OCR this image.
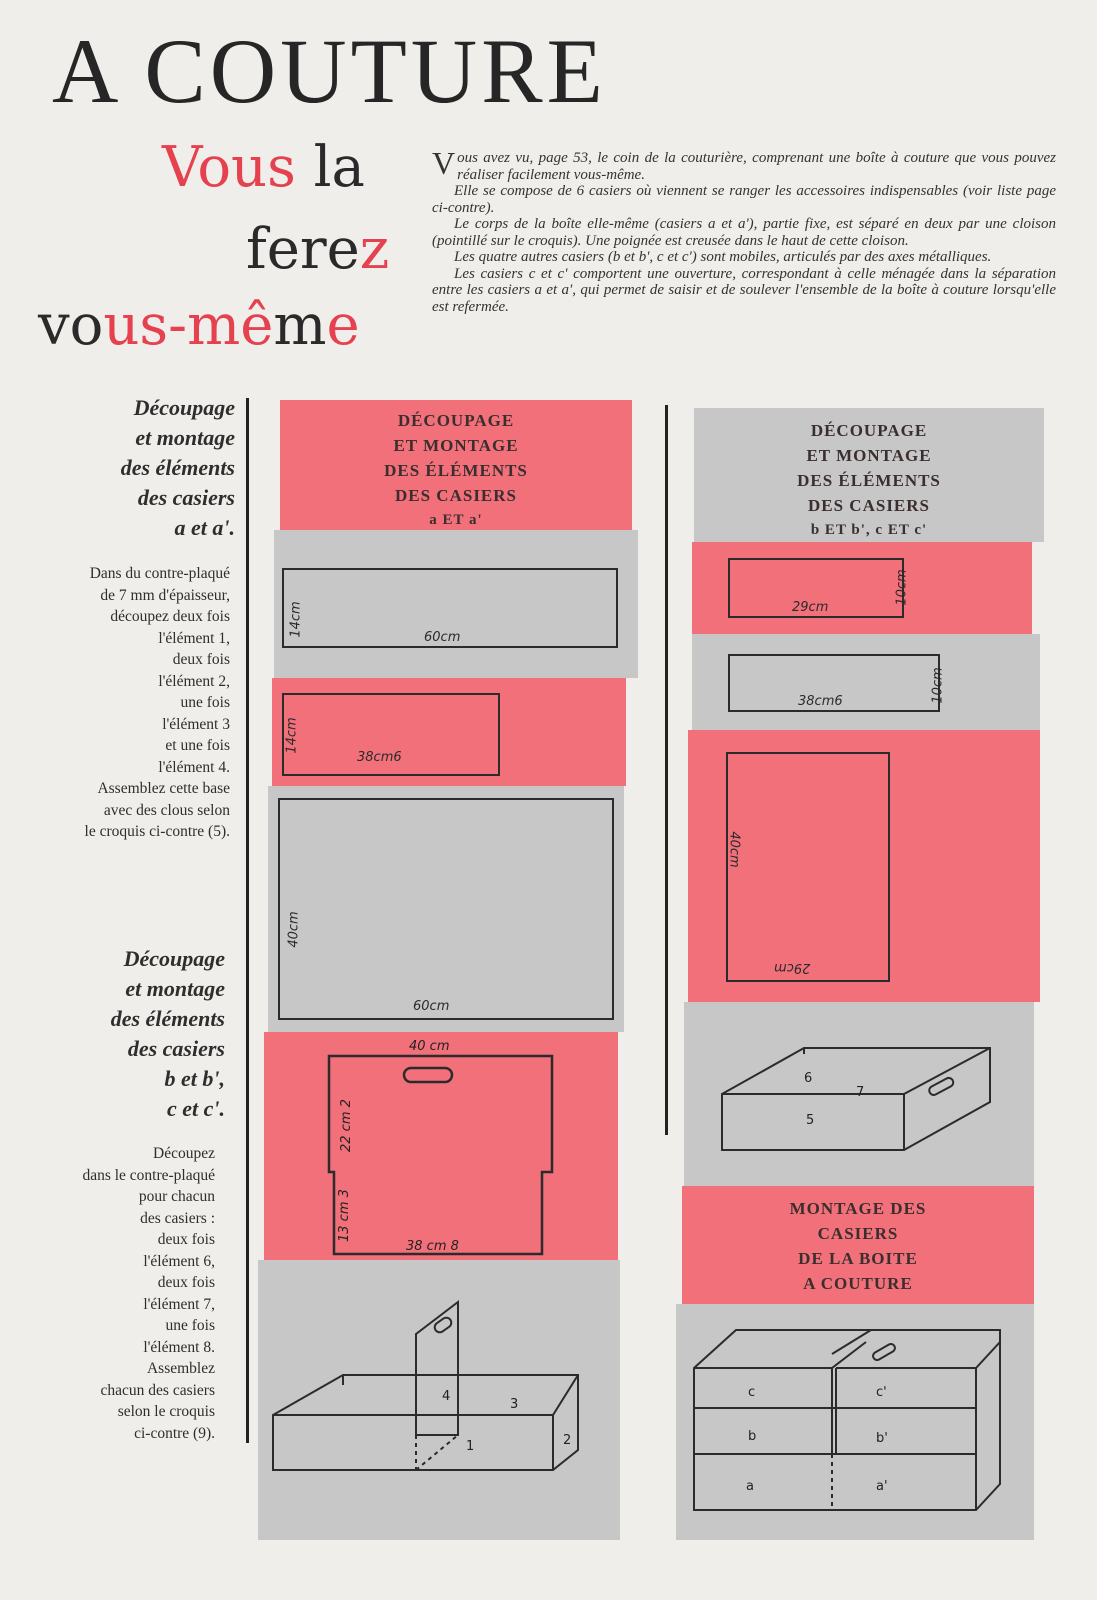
A COUTURE
Vous la
ferez
vous-même

Vous avez vu, page 53, le coin de la couturière, comprenant une boîte à couture que vous pouvez réaliser facilement vous-même.

Elle se compose de 6 casiers où viennent se ranger les accessoires indispensables (voir liste page ci-contre).

Le corps de la boîte elle-même (casiers a et a'), partie fixe, est séparé en deux par une cloison (pointillé sur le croquis). Une poignée est creusée dans le haut de cette cloison.

Les quatre autres casiers (b et b', c et c') sont mobiles, articulés par des axes métalliques.

Les casiers c et c' comportent une ouverture, correspondant à celle ménagée dans la séparation entre les casiers a et a', qui permet de saisir et de soulever l'ensemble de la boîte à couture lorsqu'elle est refermée.

Découpage
et montage
des éléments
des casiers
a et a'.
Dans du contre-plaqué
de 7 mm d'épaisseur,
découpez deux fois
l'élément 1,
deux fois
l'élément 2,
une fois
l'élément 3
et une fois
l'élément 4.
Assemblez cette base
avec des clous selon
le croquis ci-contre (5).
Découpage
et montage
des éléments
des casiers
b et b',
c et c'.
Découpez
dans le contre-plaqué
pour chacun
des casiers :
deux fois
l'élément 6,
deux fois
l'élément 7,
une fois
l'élément 8.
Assemblez
chacun des casiers
selon le croquis
ci-contre (9).
DÉCOUPAGE
ET MONTAGE
DES ÉLÉMENTS
DES CASIERS
a ET a'
60cm
14cm
38cm6
14cm
60cm
40cm
40 cm
22 cm 2
13 cm 3
38 cm 8
4
3
2
1
DÉCOUPAGE
ET MONTAGE
DES ÉLÉMENTS
DES CASIERS
b ET b', c ET c'
29cm
10cm
38cm6	10cm
29cm
40cm
6
7
5
MONTAGE DES
CASIERS
DE LA BOITE
A COUTURE
c	c'
b	b'
a	a'
